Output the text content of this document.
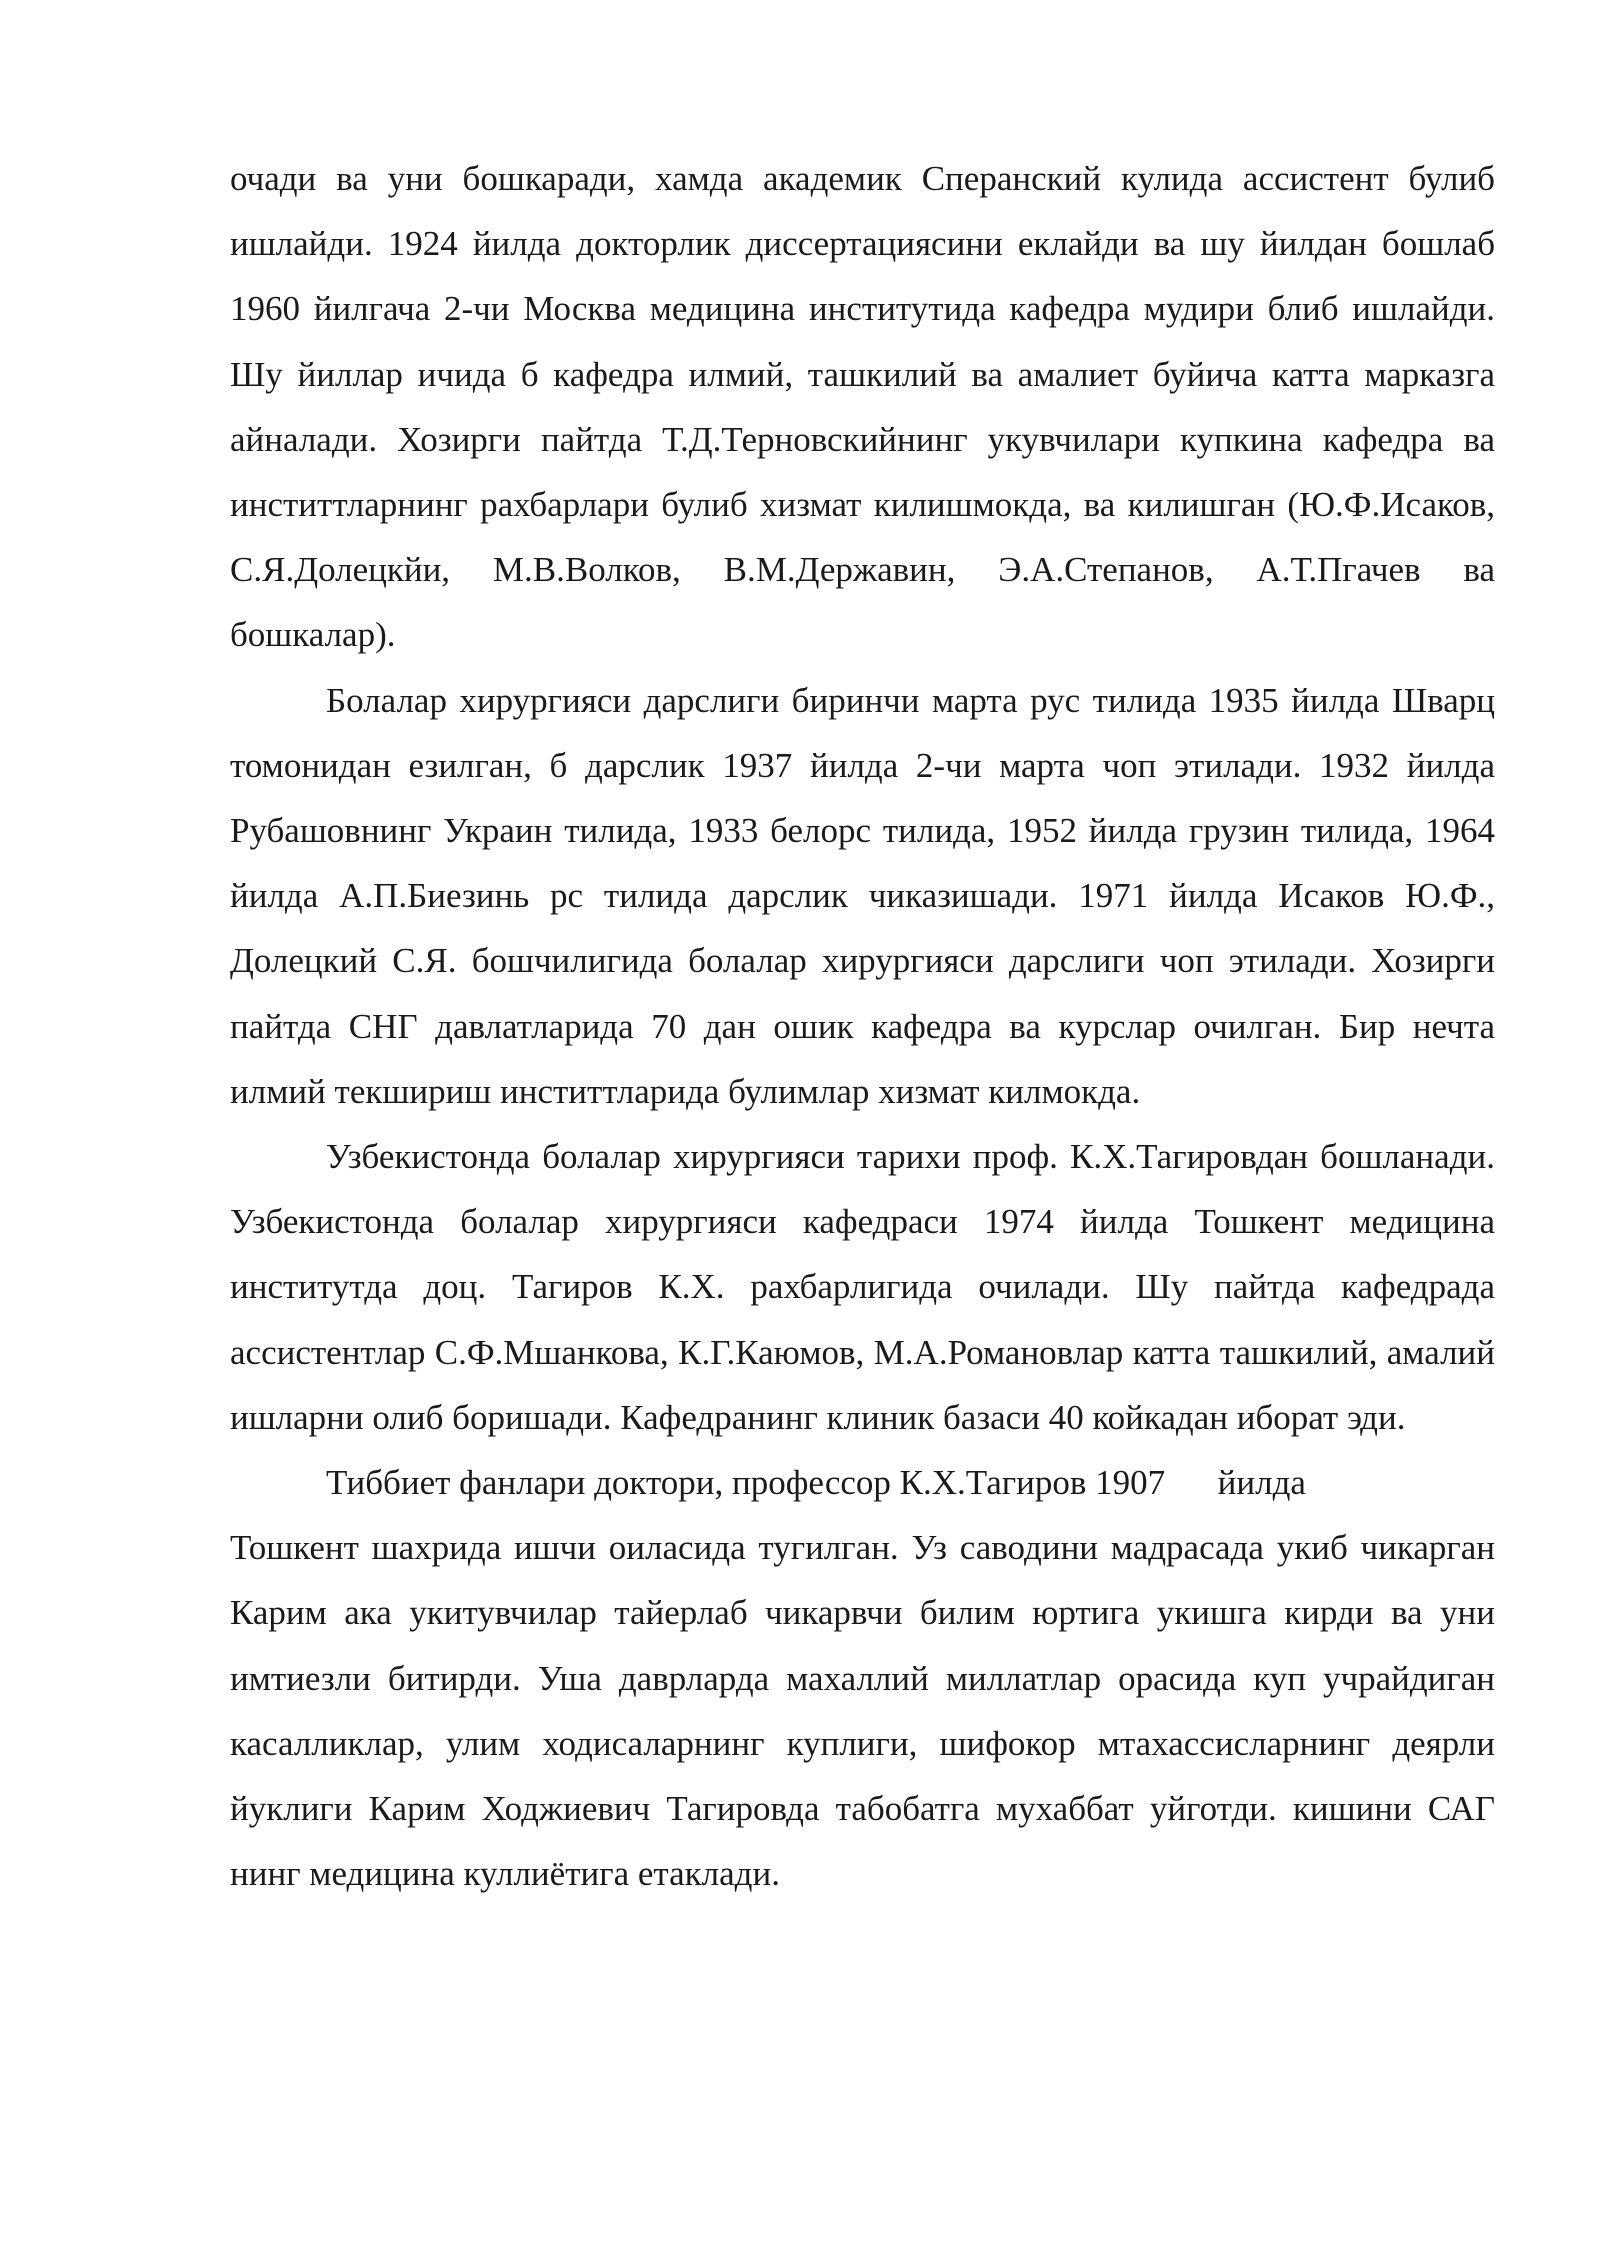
очади ва уни бошкаради, хамда академик Сперанский кулида ассистент булиб ишлайди. 1924 йилда докторлик диссертациясини еклайди ва шу йилдан бошлаб 1960 йилгача 2-чи Москва медицина институтида кафедра мудири блиб ишлайди. Шу йиллар ичида б кафедра илмий, ташкилий ва амалиет буйича катта марказга айналади. Хозирги пайтда Т.Д.Терновскийнинг укувчилари купкина кафедра ва инститтларнинг рахбарлари булиб хизмат килишмокда, ва килишган (Ю.Ф.Исаков, С.Я.Долецкйи, М.В.Волков, В.М.Державин, Э.А.Степанов, А.Т.Пгачев ва бошкалар).

Болалар хирургияси дарслиги биринчи марта рус тилида 1935 йилда Шварц томонидан езилган, б дарслик 1937 йилда 2-чи марта чоп этилади. 1932 йилда Рубашовнинг Украин тилида, 1933 белорс тилида, 1952 йилда грузин тилида, 1964 йилда А.П.Биезинь рс тилида дарслик чиказишади. 1971 йилда Исаков Ю.Ф., Долецкий С.Я. бошчилигида болалар хирургияси дарслиги чоп этилади. Хозирги пайтда СНГ давлатларида 70 дан ошик кафедра ва курслар очилган. Бир нечта илмий текшириш инститтларида булимлар хизмат килмокда.

Узбекистонда болалар хирургияси тарихи проф. К.Х.Тагировдан бошланади. Узбекистонда болалар хирургияси кафедраси 1974 йилда Тошкент медицина институтда доц. Тагиров К.Х. рахбарлигида очилади. Шу пайтда кафедрада ассистентлар С.Ф.Мшанкова, К.Г.Каюмов, М.А.Романовлар катта ташкилий, амалий ишларни олиб боришади. Кафедранинг клиник базаси 40 койкадан иборат эди.

Тиббиет фанлари доктори, профессор К.Х.Тагиров 1907      йилда
Тошкент шахрида ишчи оиласида тугилган. Уз саводини мадрасада укиб чикарган Карим ака укитувчилар тайерлаб чикарвчи билим юртига укишга кирди ва уни имтиезли битирди. Уша даврларда махаллий миллатлар орасида куп учрайдиган касалликлар, улим ходисаларнинг куплиги, шифокор мтахассисларнинг деярли йуклиги Карим Ходжиевич Тагировда табобатга мухаббат уйготди. кишини САГ нинг медицина куллиётига етаклади.
